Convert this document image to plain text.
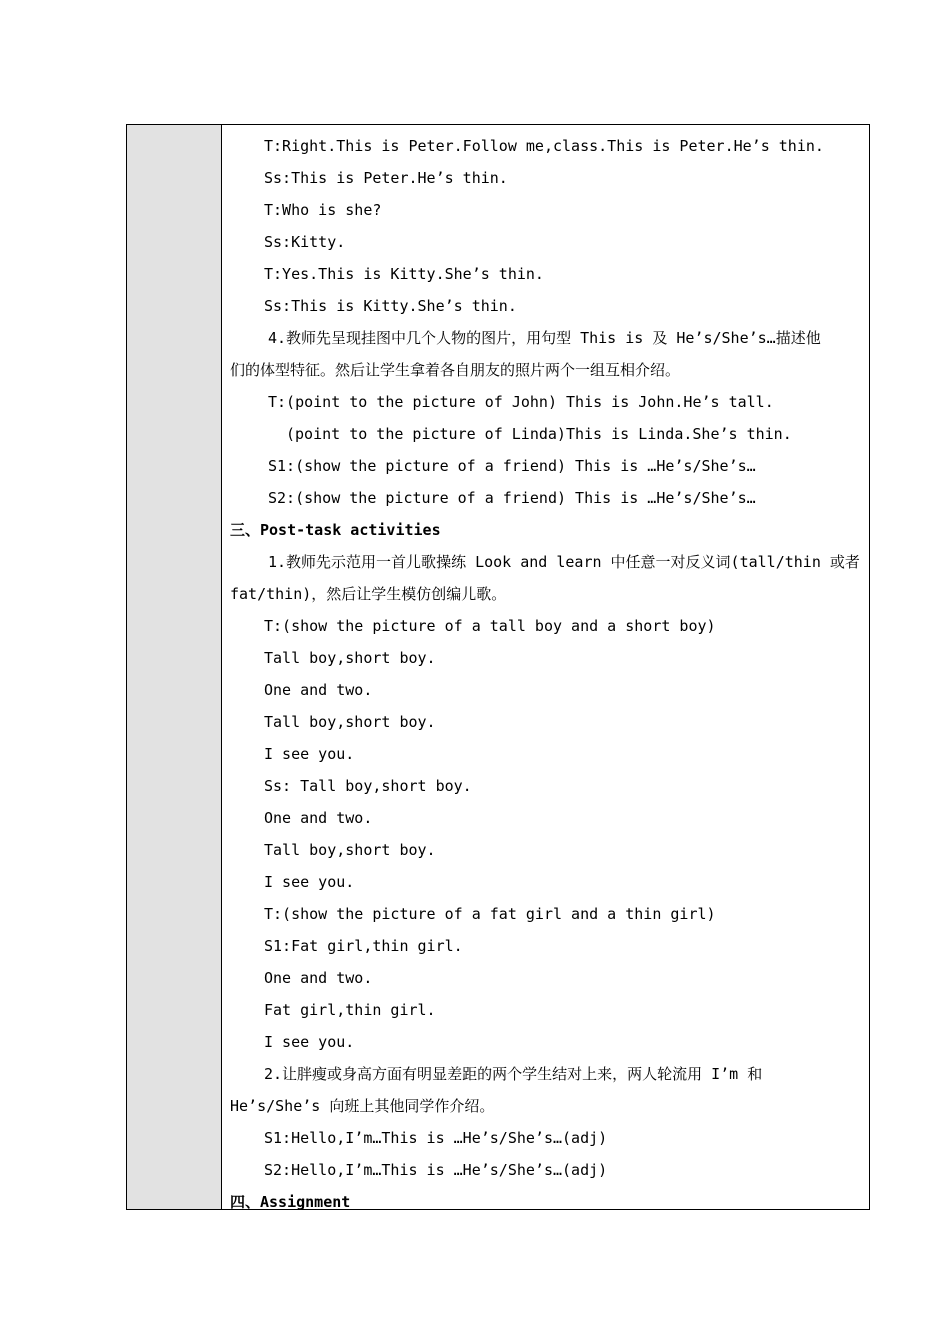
T:Right.This is Peter.Follow me,class.This is Peter.He’s thin.
Ss:This is Peter.He’s thin.
T:Who is she?
Ss:Kitty.
T:Yes.This is Kitty.She’s thin.
Ss:This is Kitty.She’s thin.
4.教师先呈现挂图中几个人物的图片，用句型 This is 及 He’s/She’s…描述他
们的体型特征。然后让学生拿着各自朋友的照片两个一组互相介绍。
T:(point to the picture of John) This is John.He’s tall.
(point to the picture of Linda)This is Linda.She’s thin.
S1:(show the picture of a friend) This is …He’s/She’s…
S2:(show the picture of a friend) This is …He’s/She’s…
三、Post-task activities
1.教师先示范用一首儿歌操练 Look and learn 中任意一对反义词(tall/thin 或者
fat/thin)，然后让学生模仿创编儿歌。
T:(show the picture of a tall boy and a short boy)
Tall boy,short boy.
One and two.
Tall boy,short boy.
I see you.
Ss: Tall boy,short boy.
One and two.
Tall boy,short boy.
I see you.
T:(show the picture of a fat girl and a thin girl)
S1:Fat girl,thin girl.
One and two.
Fat girl,thin girl.
I see you.
2.让胖瘦或身高方面有明显差距的两个学生结对上来，两人轮流用 I’m 和
He’s/She’s 向班上其他同学作介绍。
S1:Hello,I’m…This is …He’s/She’s…(adj)
S2:Hello,I’m…This is …He’s/She’s…(adj)
四、Assignment
